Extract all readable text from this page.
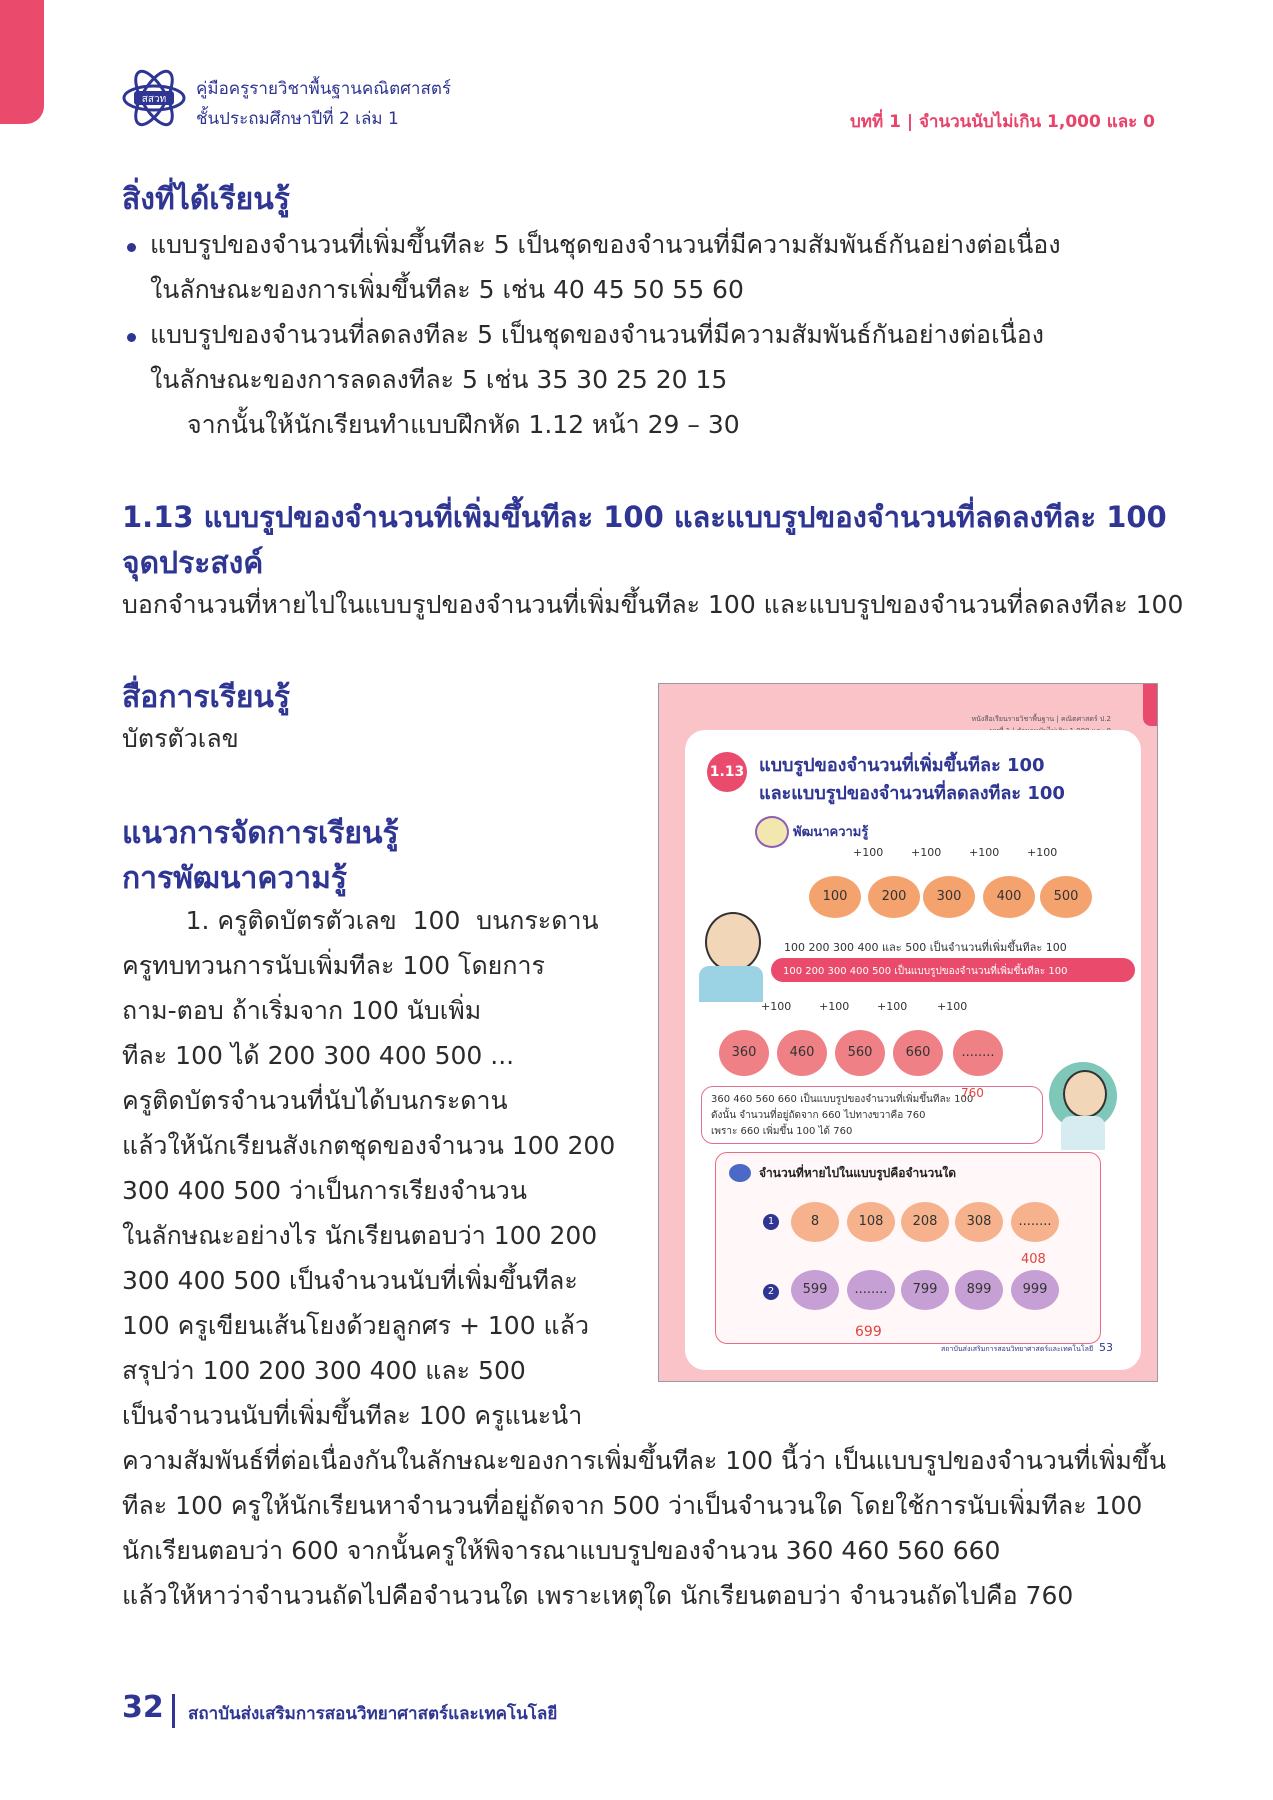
สสวท
คู่มือครูรายวิชาพื้นฐานคณิตศาสตร์
ชั้นประถมศึกษาปีที่ 2 เล่ม 1	บทที่ 1 | จำนวนนับไม่เกิน 1,000 และ 0
สิ่งที่ได้เรียนรู้
แบบรูปของจำนวนที่เพิ่มขึ้นทีละ 5 เป็นชุดของจำนวนที่มีความสัมพันธ์กันอย่างต่อเนื่อง
ในลักษณะของการเพิ่มขึ้นทีละ 5 เช่น 40 45 50 55 60
แบบรูปของจำนวนที่ลดลงทีละ 5 เป็นชุดของจำนวนที่มีความสัมพันธ์กันอย่างต่อเนื่อง
ในลักษณะของการลดลงทีละ 5 เช่น 35 30 25 20 15
จากนั้นให้นักเรียนทำแบบฝึกหัด 1.12 หน้า 29 – 30
1.13 แบบรูปของจำนวนที่เพิ่มขึ้นทีละ 100 และแบบรูปของจำนวนที่ลดลงทีละ 100
จุดประสงค์
บอกจำนวนที่หายไปในแบบรูปของจำนวนที่เพิ่มขึ้นทีละ 100 และแบบรูปของจำนวนที่ลดลงทีละ 100
สื่อการเรียนรู้
บัตรตัวเลข
แนวการจัดการเรียนรู้
การพัฒนาความรู้
1. ครูติดบัตรตัวเลข  100  บนกระดาน
ครูทบทวนการนับเพิ่มทีละ 100 โดยการ
ถาม-ตอบ ถ้าเริ่มจาก 100 นับเพิ่ม
ทีละ 100 ได้ 200 300 400 500 ...
ครูติดบัตรจำนวนที่นับได้บนกระดาน
แล้วให้นักเรียนสังเกตชุดของจำนวน 100 200
300 400 500 ว่าเป็นการเรียงจำนวน
ในลักษณะอย่างไร นักเรียนตอบว่า 100 200
300 400 500 เป็นจำนวนนับที่เพิ่มขึ้นทีละ
100 ครูเขียนเส้นโยงด้วยลูกศร + 100 แล้ว
สรุปว่า 100 200 300 400 และ 500
เป็นจำนวนนับที่เพิ่มขึ้นทีละ 100 ครูแนะนำ
ความสัมพันธ์ที่ต่อเนื่องกันในลักษณะของการเพิ่มขึ้นทีละ 100 นี้ว่า เป็นแบบรูปของจำนวนที่เพิ่มขึ้น
ทีละ 100 ครูให้นักเรียนหาจำนวนที่อยู่ถัดจาก 500 ว่าเป็นจำนวนใด โดยใช้การนับเพิ่มทีละ 100
นักเรียนตอบว่า 600 จากนั้นครูให้พิจารณาแบบรูปของจำนวน 360 460 560 660
แล้วให้หาว่าจำนวนถัดไปคือจำนวนใด เพราะเหตุใด นักเรียนตอบว่า จำนวนถัดไปคือ 760
หนังสือเรียนรายวิชาพื้นฐาน | คณิตศาสตร์ ป.2
1.13 แบบรูปของจำนวนที่เพิ่มขึ้นทีละ 100
และแบบรูปของจำนวนที่ลดลงทีละ 100
พัฒนาความรู้
+100	+100	+100	+100
100	200	300	400	500
100 200 300 400 และ 500 เป็นจำนวนที่เพิ่มขึ้นทีละ 100
100 200 300 400 500 เป็นแบบรูปของจำนวนที่เพิ่มขึ้นทีละ 100
+100	+100	+100	+100
360	460	560	660	........
360 460 560 660 เป็นแบบรูปของจำนวนที่เพิ่มขึ้นทีละ 100
ดังนั้น จำนวนที่อยู่ถัดจาก 660 ไปทางขวาคือ 760
เพราะ 660 เพิ่มขึ้น 100 ได้ 760
760
จำนวนที่หายไปในแบบรูปคือจำนวนใด
1	8	108	208	308	........
408
2	599	........	799	899	999
699
สถาบันส่งเสริมการสอนวิทยาศาสตร์และเทคโนโลยี 53
32 สถาบันส่งเสริมการสอนวิทยาศาสตร์และเทคโนโลยี
